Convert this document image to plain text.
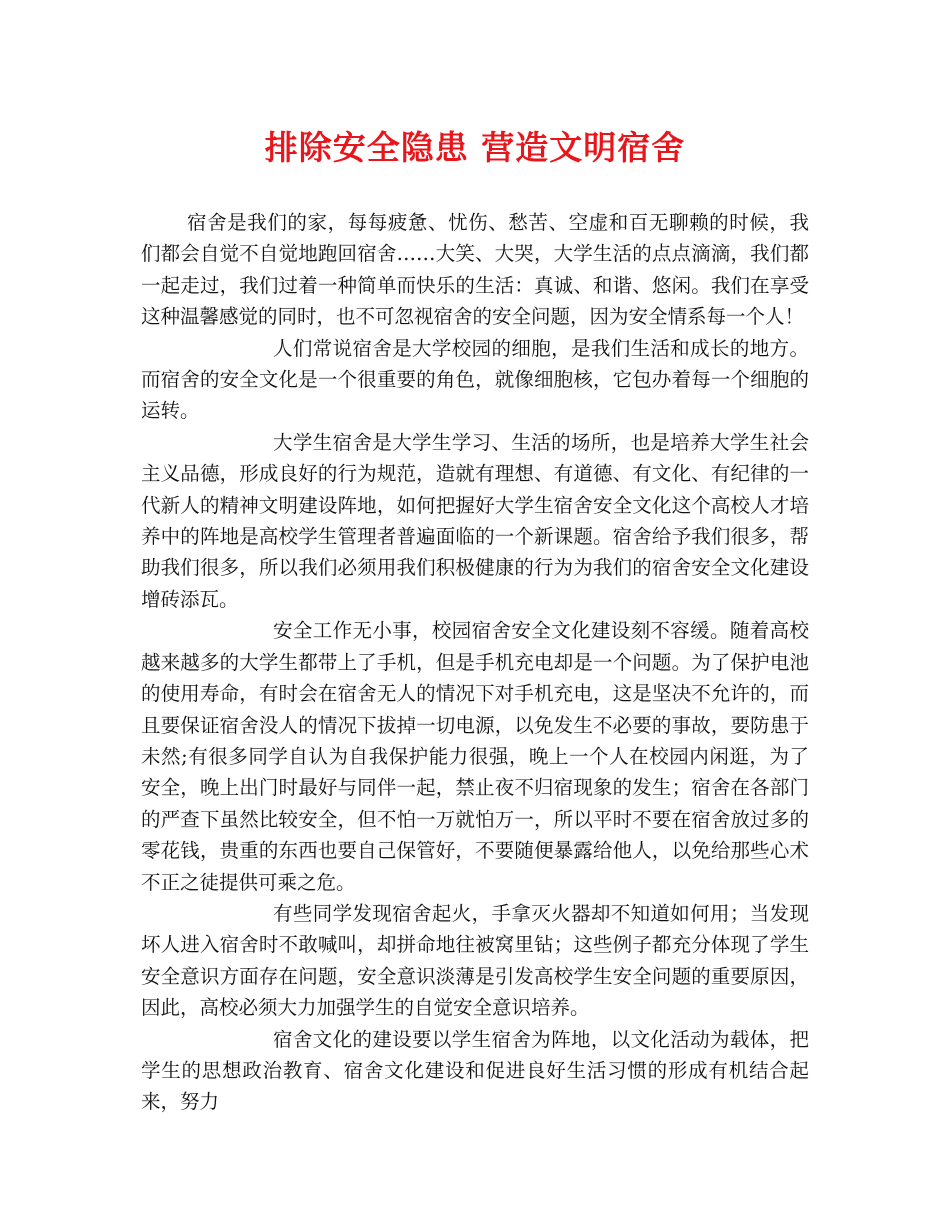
排除安全隐患 营造文明宿舍

宿舍是我们的家，每每疲惫、忧伤、愁苦、空虚和百无聊赖的时候，我们都会自觉不自觉地跑回宿舍……大笑、大哭，大学生活的点点滴滴，我们都一起走过，我们过着一种简单而快乐的生活：真诚、和谐、悠闲。我们在享受这种温馨感觉的同时，也不可忽视宿舍的安全问题，因为安全情系每一个人！

人们常说宿舍是大学校园的细胞，是我们生活和成长的地方。而宿舍的安全文化是一个很重要的角色，就像细胞核，它包办着每一个细胞的运转。

大学生宿舍是大学生学习、生活的场所，也是培养大学生社会主义品德，形成良好的行为规范，造就有理想、有道德、有文化、有纪律的一代新人的精神文明建设阵地，如何把握好大学生宿舍安全文化这个高校人才培养中的阵地是高校学生管理者普遍面临的一个新课题。宿舍给予我们很多，帮助我们很多，所以我们必须用我们积极健康的行为为我们的宿舍安全文化建设增砖添瓦。

安全工作无小事，校园宿舍安全文化建设刻不容缓。随着高校越来越多的大学生都带上了手机，但是手机充电却是一个问题。为了保护电池的使用寿命，有时会在宿舍无人的情况下对手机充电，这是坚决不允许的，而且要保证宿舍没人的情况下拔掉一切电源，以免发生不必要的事故，要防患于未然;有很多同学自认为自我保护能力很强，晚上一个人在校园内闲逛，为了安全，晚上出门时最好与同伴一起，禁止夜不归宿现象的发生；宿舍在各部门的严查下虽然比较安全，但不怕一万就怕万一，所以平时不要在宿舍放过多的零花钱，贵重的东西也要自己保管好，不要随便暴露给他人，以免给那些心术不正之徒提供可乘之危。

有些同学发现宿舍起火，手拿灭火器却不知道如何用；当发现坏人进入宿舍时不敢喊叫，却拼命地往被窝里钻；这些例子都充分体现了学生安全意识方面存在问题，安全意识淡薄是引发高校学生安全问题的重要原因，因此，高校必须大力加强学生的自觉安全意识培养。

宿舍文化的建设要以学生宿舍为阵地，以文化活动为载体，把学生的思想政治教育、宿舍文化建设和促进良好生活习惯的形成有机结合起来，努力
